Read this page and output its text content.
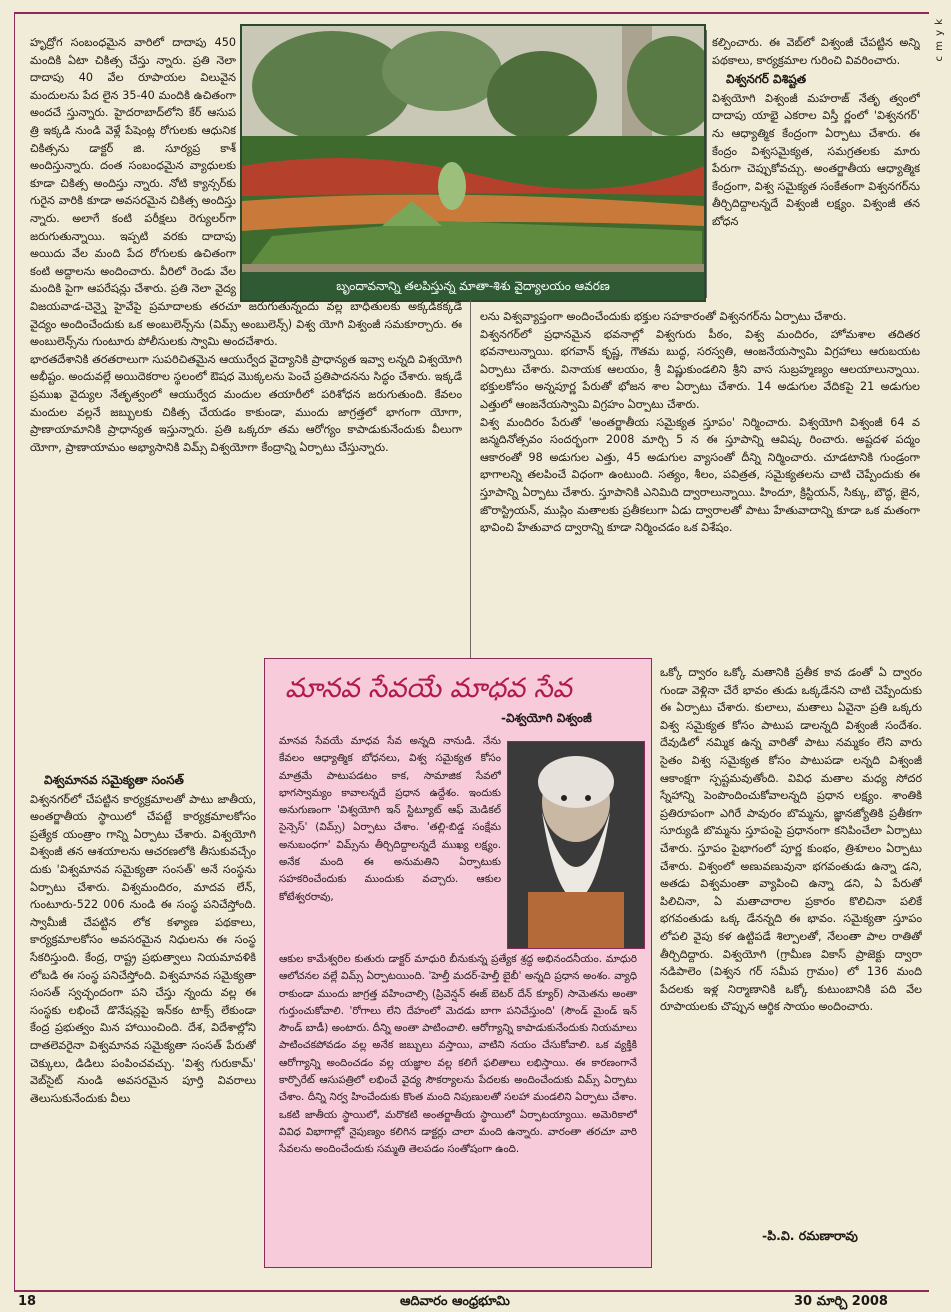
c m y k

హృద్రోగ సంబంధమైన వారిలో దాదాపు 450 మందికి ఏటా చికిత్స చేస్తు న్నారు. ప్రతి నెలా దాదాపు 40 వేల రూపాయల విలువైన మందులను పేద లైన 35-40 మందికి ఉచితంగా అందచే స్తున్నారు. హైదరాబాద్‌లోని కేర్ ఆసుప త్రి ఇక్కడి నుండి వెళ్లే పేషెంట్ల రోగులకు ఆధునిక చికిత్సను డాక్టర్ జి. సూర్యప్ర కాశ్ అందిస్తున్నారు. దంత సంబంధమైన వ్యాధులకు కూడా చికిత్స అందిస్తు న్నారు. నోటి క్యాన్సర్‌కు గురైన వారికి కూడా అవసరమైన చికిత్స అందిస్తు న్నారు. అలాగే కంటి పరీక్షలు రెగ్యులర్‌గా జరుగుతున్నాయి. ఇప్పటి వరకు దాదాపు అయిదు వేల మంది పేద రోగులకు ఉచితంగా కంటి అద్దాలను అందించారు. వీరిలో రెండు వేల మందికి పైగా ఆపరేషన్లు చేశారు. ప్రతి నెలా వైద్య	బృందావనాన్ని తలపిస్తున్న మాతా-శిశు వైద్యాలయం ఆవరణ

కల్పించారు. ఈ వెబ్‌లో విశ్వంజీ చేపట్టిన అన్ని పథకాలు, కార్యక్రమాల గురించి వివరించారు.

విశ్వనగర్ విశిష్టత

విశ్వయోగి విశ్వంజీ మహరాజ్ నేతృ త్వంలో దాదాపు యాభై ఎకరాల విస్తీ ర్ణంలో 'విశ్వనగర్' ను ఆధ్యాత్మిక కేంద్రంగా ఏర్పాటు చేశారు. ఈ కేంద్రం విశ్వసమైక్యత, సమగ్రతలకు మారు పేరుగా చెప్పుకోవచ్చు. అంతర్జాతీయ ఆధ్యాత్మిక కేంద్రంగా, విశ్వ సమైక్యత సంకేతంగా విశ్వనగర్‌ను తీర్చిదిద్దాలన్నదే విశ్వంజీ లక్ష్యం. విశ్వంజీ తన బోధన

లను విశ్వవ్యాప్తంగా అందించేందుకు భక్తుల సహకారంతో విశ్వనగర్‌ను ఏర్పాటు చేశారు.

విశ్వనగర్‌లో ప్రధానమైన భవనాల్లో విశ్వగురు పీఠం, విశ్వ మందిరం, హోమశాల తదితర భవనాలున్నాయి. భగవాన్ కృష్ణ, గౌతమ బుద్ధ, సరస్వతి, ఆంజనేయస్వామి విగ్రహాలు ఆరుబయట ఏర్పాటు చేశారు. వినాయక ఆలయం, శ్రీ విష్ణుకుండలిని శ్రీని వాస సుబ్రహ్మణ్యం ఆలయాలున్నాయి. భక్తులకోసం అన్నపూర్ణ పేరుతో భోజన శాల ఏర్పాటు చేశారు. 14 అడుగుల వేదికపై 21 అడుగుల ఎత్తులో ఆంజనేయస్వామి విగ్రహం ఏర్పాటు చేశారు.

విశ్వ మందిరం పేరుతో 'అంతర్జాతీయ సమైక్యత స్తూపం' నిర్మించారు. విశ్వయోగి విశ్వంజీ 64 వ జన్మదినోత్సవం సందర్భంగా 2008 మార్చి 5 న ఈ స్తూపాన్ని ఆవిష్క రించారు. అష్టదళ పద్మం ఆకారంతో 98 అడుగుల ఎత్తు, 45 అడుగుల వ్యాసంతో దీన్ని నిర్మించారు. చూడటానికి గుండ్రంగా భాగాలన్ని తలపించే విధంగా ఉంటుంది. సత్యం, శీలం, పవిత్రత, సమైక్యతలను చాటి చెప్పేందుకు ఈ స్తూపాన్ని ఏర్పాటు చేశారు. స్తూపానికి ఎనిమిది ద్వారాలున్నాయి. హిందూ, క్రిస్టియన్, సిక్కు, బౌద్ధ, జైన, జొరాస్ట్రియన్, ముస్లిం మతాలకు ప్రతీకలుగా ఏడు ద్వారాలతో పాటు హేతువాదాన్ని కూడా ఒక మతంగా భావించి హేతువాద ద్వారాన్ని కూడా నిర్మించడం ఒక విశేషం.

విజయవాడ-చెన్నై హైవేపై ప్రమాదాలకు తరచూ జరుగుతున్నందు వల్ల బాధితులకు అక్కడికక్కడే వైద్యం అందించేందుకు ఒక అంబులెన్స్‌ను (విమ్స్ అంబులెన్స్) విశ్వ యోగి విశ్వంజీ సమకూర్చారు. ఈ అంబులెన్స్‌ను గుంటూరు పోలీసులకు స్వామి అందచేశారు.

భారతదేశానికి తరతరాలుగా సుపరిచితమైన ఆయుర్వేద వైద్యానికి ప్రాధాన్యత ఇవ్వా లన్నది విశ్వయోగి అభీష్టం. అందువల్లే అయిదెకరాల స్థలంలో ఔషధ మొక్కలను పెంచే ప్రతిపాదనను సిద్ధం చేశారు. ఇక్కడే ప్రముఖ వైద్యుల నేతృత్వంలో ఆయుర్వేద మందుల తయారీలో పరిశోధన జరుగుతుంది. కేవలం మందుల వల్లనే జబ్బులకు చికిత్స చేయడం కాకుండా, ముందు జాగ్రత్తలో భాగంగా యోగా, ప్రాణాయామానికి ప్రాధాన్యత ఇస్తున్నారు. ప్రతి ఒక్కరూ తమ ఆరోగ్యం కాపాడుకునేందుకు వీలుగా యోగా, ప్రాణాయామం అభ్యాసానికి విమ్స్ విశ్వయోగా కేంద్రాన్ని ఏర్పాటు చేస్తున్నారు.

విశ్వమానవ సమైక్యతా సంసత్

విశ్వనగర్‌లో చేపట్టిన కార్యక్రమాలతో పాటు జాతీయ, అంతర్జాతీయ స్థాయిలో చేపట్టే కార్యక్రమాలకోసం ప్రత్యేక యంత్రాం గాన్ని ఏర్పాటు చేశారు. విశ్వయోగి విశ్వంజీ తన ఆశయాలను ఆచరణలోకి తీసుకువచ్చేం దుకు 'విశ్వమానవ సమైక్యతా సంసత్' అనే సంస్థను ఏర్పాటు చేశారు. విశ్వమందిరం, మాదవ లేన్, గుంటూరు-522 006 నుండి ఈ సంస్థ పనిచేస్తోంది. స్వామీజీ చేపట్టిన లోక కళ్యాణ పథకాలు, కార్యక్రమాలకోసం అవసరమైన నిధులను ఈ సంస్థ సేకరిస్తుంది. కేంద్ర, రాష్ట్ర ప్రభుత్వాలు నియమావళికి లోబడి ఈ సంస్థ పనిచేస్తోంది. విశ్వమానవ సమైక్యతా సంసత్ స్వచ్ఛందంగా పని చేస్తు న్నందు వల్ల ఈ సంస్థకు లభించే డొనేషన్లపై ఇన్‌కం టాక్స్ లేకుండా కేంద్ర ప్రభుత్వం మిన హాయించింది. దేశ, విదేశాల్లోని దాతలెవరైనా విశ్వమానవ సమైక్యతా సంసత్ పేరుతో చెక్కులు, డిడిలు పంపించవచ్చు. 'విశ్వ గురుకామ్' వెబ్‌సైట్ నుండి అవసరమైన పూర్తి వివరాలు తెలుసుకునేందుకు వీలు

ఒక్కో ద్వారం ఒక్కో మతానికి ప్రతీక కావ డంతో ఏ ద్వారం గుండా వెళ్లినా చేరే భావం తుడు ఒక్కడేనని చాటి చెప్పేందుకు ఈ ఏర్పాటు చేశారు. కులాలు, మతాలు ఏవైనా ప్రతి ఒక్కరు విశ్వ సమైక్యత కోసం పాటుప డాలన్నది విశ్వంజీ సందేశం. దేవుడిలో నమ్మిక ఉన్న వారితో పాటు నమ్మకం లేని వారు సైతం విశ్వ సమైక్యత కోసం పాటుపడా లన్నది విశ్వంజీ ఆకాంక్షగా స్పష్టమవుతోంది. వివిధ మతాల మధ్య సోదర స్నేహాన్ని పెంపొందించుకోవాలన్నది ప్రధాన లక్ష్యం. శాంతికి ప్రతిరూపంగా ఎగిరే పావురం బొమ్మను, జ్ఞానజ్యోతికి ప్రతీకగా సూర్యుడి బొమ్మను స్తూపంపై ప్రధానంగా కనిపించేలా ఏర్పాటు చేశారు. స్తూపం పైభాగంలో పూర్ణ కుంభం, త్రిశూలం ఏర్పాటు చేశారు. విశ్వంలో అణువణువునా భగవంతుడు ఉన్నా డని, అతడు విశ్వమంతా వ్యాపించి ఉన్నా డని, ఏ పేరుతో పిలిచినా, ఏ మతాచారాల ప్రకారం కొలిచినా పలికే భగవంతుడు ఒక్క డేనన్నది ఈ భావం. సమైక్యతా స్తూపం లోపలి వైపు కళ ఉట్టిపడే శిల్పాలతో, నేలంతా పాల రాతితో తీర్చిదిద్దారు. విశ్వయోగి (గ్రామీణ వికాస్ ప్రాజెక్టు ద్వారా నడిపాలెం (విశ్వన గర్ సమీప గ్రామం) లో 136 మంది పేదలకు ఇళ్ల నిర్మాణానికి ఒక్కో కుటుంబానికి పది వేల రూపాయలకు చొప్పున ఆర్థిక సాయం అందించారు.

మానవ సేవయే మాధవ సేవ
-విశ్వయోగి విశ్వంజీ
మానవ సేవయే మాధవ సేవ అన్నది నానుడి. నేను కేవలం ఆధ్యాత్మిక బోధనలు, విశ్వ సమైక్యత కోసం మాత్రమే పాటుపడటం కాక, సామాజిక సేవలో భాగస్వామ్యం కావాలన్నదే ప్రధాన ఉద్దేశం. ఇందుకు అనుగుణంగా 'విశ్వయోగి ఇన్ స్టిట్యూట్ ఆఫ్ మెడికల్ సైన్సెస్' (విమ్స్) ఏర్పాటు చేశాం. 'తల్లి-బిడ్డ సంక్షేమ అనుబంధగా' విమ్స్‌ను తీర్చిదిద్దాలన్నదే ముఖ్య లక్ష్యం. అనేక మంది ఈ అనుమతిని ఏర్పాటుకు సహకరించేందుకు ముందుకు వచ్చారు. ఆకుల కోటేశ్వరరావు,
ఆకుల కామేశ్వరిల కుతురు డాక్టర్ మాధురి బీనుకున్న ప్రత్యేక శ్రద్ధ అభినందనీయం. మాధురి ఆలోచనల వల్లే విమ్స్ ఏర్పాటయింది. 'హెల్తీ మదర్-హెల్తీ బైబీ' అన్నది ప్రధాన అంశం. వ్యాధి రాకుండా ముందు జాగ్రత్త వహించాల్సి (ప్రివెన్షన్ ఈజ్ బెటర్ దేన్ క్యూర్) సామెతను అంతా గుర్తుంచుకోవాలి. 'రోగాలు లేని దేహంలో మెదడు బాగా పనిచేస్తుంది' (సౌండ్ మైండ్ ఇన్ సౌండ్ బాడీ) అంటారు. దీన్ని అంతా పాటించాలి. ఆరోగ్యాన్ని కాపాడుకునేందుకు నియమాలు పాటించకపోవడం వల్ల అనేక జబ్బులు వస్తాయి, వాటిని నయం చేసుకోవాలి. ఒక వ్యక్తికి ఆరోగ్యాన్ని అందించడం వల్ల యజ్ఞాల వల్ల కలిగే ఫలితాలు లభిస్తాయి. ఈ కారణంగానే కార్పొరేట్ ఆసుపత్రిలో లభించే వైద్య సౌకర్యాలను పేదలకు అందించేందుకు విమ్స్ ఏర్పాటు చేశాం. దీన్ని నిర్వ హించేందుకు కొంత మంది నిపుణులతో సలహా మండలిని ఏర్పాటు చేశాం. ఒకటి జాతీయ స్థాయిలో, మరొకటి అంతర్జాతీయ స్థాయిలో ఏర్పాటయ్యాయి. అమెరికాలో వివిధ విభాగాల్లో నైపుణ్యం కలిగిన డాక్టర్లు చాలా మంది ఉన్నారు. వారంతా తరచూ వారి సేవలను అందించేందుకు సమ్మతి తెలపడం సంతోషంగా ఉంది.
-పి.వి. రమణారావు
18	ఆదివారం ఆంధ్రభూమి	30 మార్చి 2008
